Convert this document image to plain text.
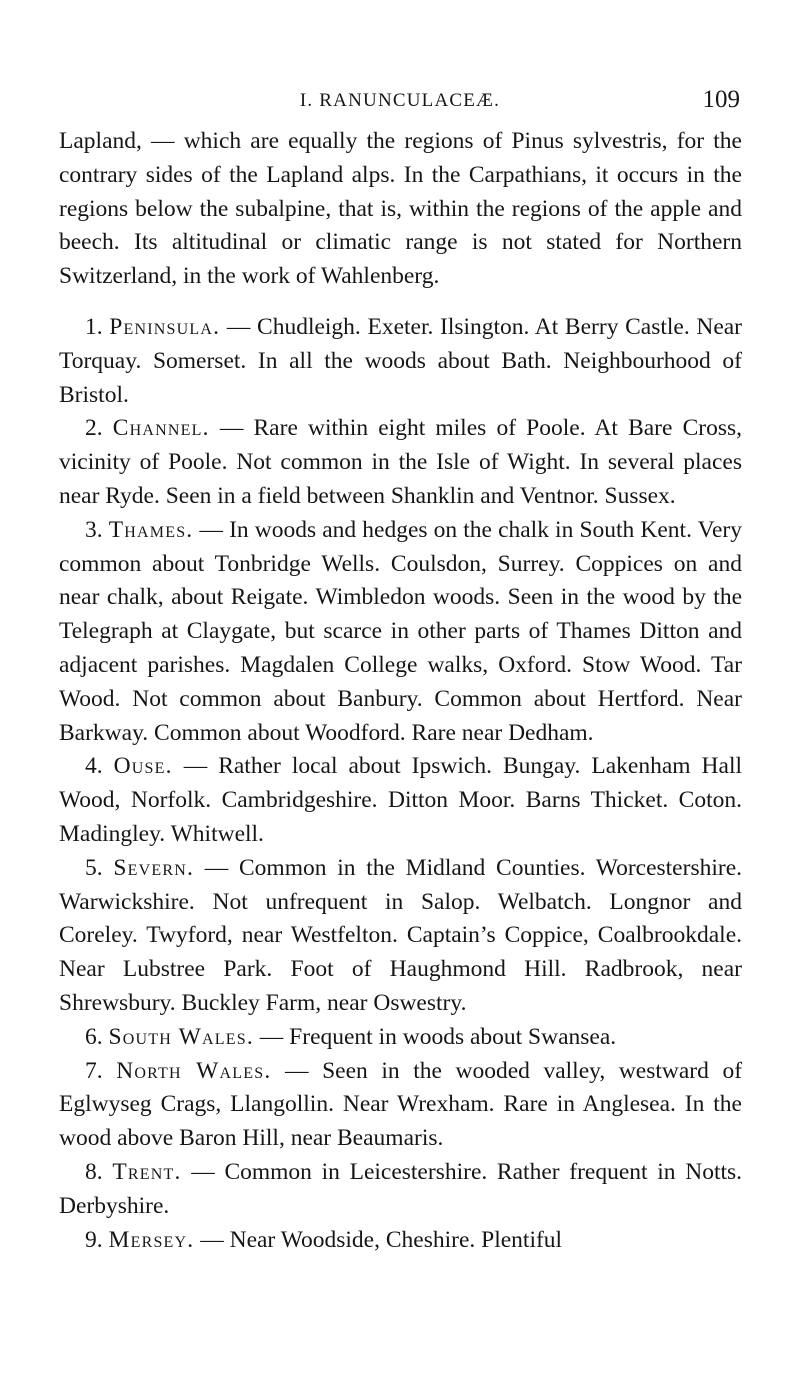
I. RANUNCULACEÆ.	109

Lapland, — which are equally the regions of Pinus sylvestris, for the contrary sides of the Lapland alps. In the Carpathians, it occurs in the regions below the subalpine, that is, within the regions of the apple and beech. Its altitudinal or climatic range is not stated for Northern Switzerland, in the work of Wahlenberg.

1. Peninsula. — Chudleigh. Exeter. Ilsington. At Berry Castle. Near Torquay. Somerset. In all the woods about Bath. Neighbourhood of Bristol.

2. Channel. — Rare within eight miles of Poole. At Bare Cross, vicinity of Poole. Not common in the Isle of Wight. In several places near Ryde. Seen in a field between Shanklin and Ventnor. Sussex.

3. Thames. — In woods and hedges on the chalk in South Kent. Very common about Tonbridge Wells. Coulsdon, Surrey. Coppices on and near chalk, about Reigate. Wimbledon woods. Seen in the wood by the Telegraph at Claygate, but scarce in other parts of Thames Ditton and adjacent parishes. Magdalen College walks, Oxford. Stow Wood. Tar Wood. Not common about Banbury. Common about Hertford. Near Barkway. Common about Woodford. Rare near Dedham.

4. Ouse. — Rather local about Ipswich. Bungay. Lakenham Hall Wood, Norfolk. Cambridgeshire. Ditton Moor. Barns Thicket. Coton. Madingley. Whitwell.

5. Severn. — Common in the Midland Counties. Worcestershire. Warwickshire. Not unfrequent in Salop. Welbatch. Longnor and Coreley. Twyford, near Westfelton. Captain’s Coppice, Coalbrookdale. Near Lubstree Park. Foot of Haughmond Hill. Radbrook, near Shrewsbury. Buckley Farm, near Oswestry.

6. South Wales. — Frequent in woods about Swansea.

7. North Wales. — Seen in the wooded valley, westward of Eglwyseg Crags, Llangollin. Near Wrexham. Rare in Anglesea. In the wood above Baron Hill, near Beaumaris.

8. Trent. — Common in Leicestershire. Rather frequent in Notts. Derbyshire.

9. Mersey. — Near Woodside, Cheshire. Plentiful
